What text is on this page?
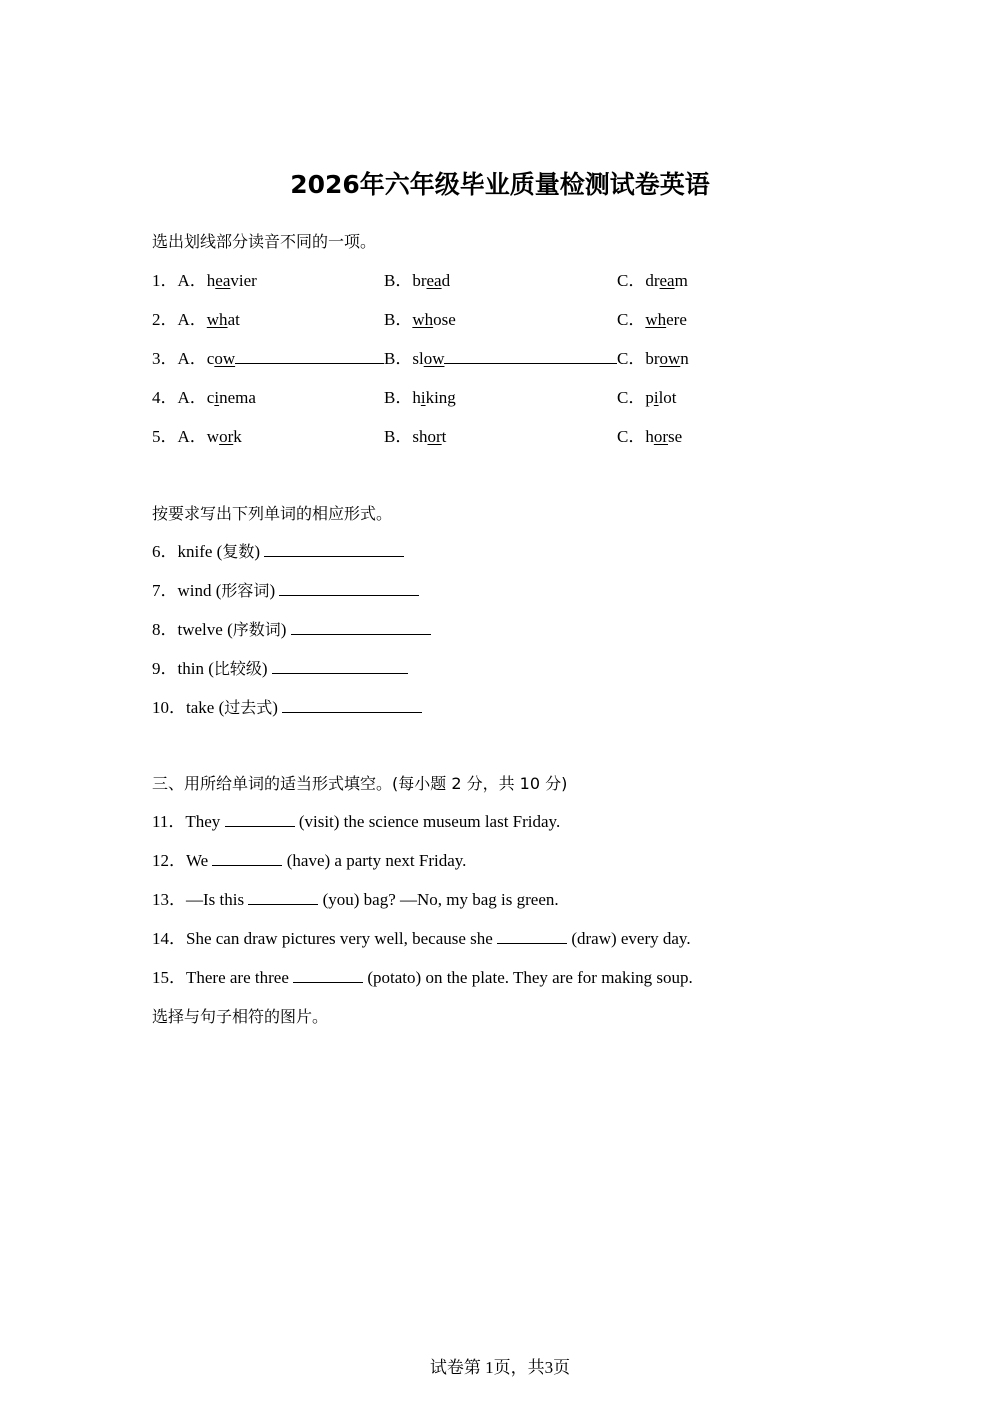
2026年六年级毕业质量检测试卷英语

选出划线部分读音不同的一项。

1．A．heavier	B．bread	C．dream
2．A．what	B．whose	C．where
3．A．cow	B．slow	C．brown
4．A．cinema	B．hiking	C．pilot
5．A．work	B．short	C．horse

按要求写出下列单词的相应形式。

6．knife (复数)
7．wind (形容词)
8．twelve (序数词)
9．thin (比较级)
10．take (过去式)

三、用所给单词的适当形式填空。(每小题 2 分，共 10 分)

11．They	(visit) the science museum last Friday.
12．We	(have) a party next Friday.
13．—Is this	(you) bag? —No, my bag is green.
14．She can draw pictures very well, because she	(draw) every day.
15．There are three	(potato) on the plate. They are for making soup.

选择与句子相符的图片。

试卷第 1页，共3页
